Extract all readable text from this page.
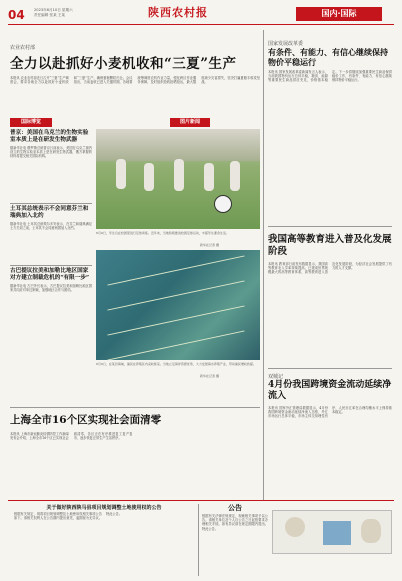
04	2023年6月10日 星期六
责任编辑 张某 王某	陕西农村报	国内·国际
农业农村部
全力以赴抓好小麦机收和“三夏”生产
本报讯 农业农村部近日召开“三夏”生产调度会，要求各地全力以赴抓好小麦机收和“三夏”生产，确保夏粮颗粒归仓。会议指出，当前麦收已进入关键时期，各地要统筹调度农机作业力量，强化跨区作业服务保障，及时组织抢收抢晒抢运，最大限度减少灾害损失，坚决打赢夏粮丰收攻坚战。
国际博览
普京：美国在乌克兰的生物实验室本质上是在研发生物武器
据新华社电 俄罗斯总统普京日前表示，美国在乌克兰境内设立的生物实验室本质上是在研发生物武器，俄方掌握的材料将提交相关国际机构。
土耳其总统表示不会同意芬兰和瑞典加入北约
据新华社电 土耳其总统埃尔多安表示，在芬兰和瑞典满足土方关切之前，土耳其不会同意两国加入北约。
古巴提议拉美和加勒比地区国家对方建立制裁危机的“有限一步”
据新华社电 古巴外长表示，古巴提议拉美和加勒比地区国家共同应对单边制裁，加强地区合作与团结。
图片新闻
6月9日，学生们在校园里进行足球训练。近年来，当地积极推进校园足球运动，丰富学生课余生活。
新华社记者 摄
6月9日，在某县海域，渔民在养殖区内采收紫菜。当地立足海洋资源优势，大力发展海水养殖产业，带动渔民增收致富。
新华社记者 摄
国家发展改革委
有条件、有能力、有信心继续保持物价平稳运行
本报讯 国家发展改革委新闻发言人表示，当前我国物价运行总体平稳，粮食、能源等重要民生商品供应充足，价格基本稳定。下一步将继续加强重要民生商品保供稳价工作，有条件、有能力、有信心继续保持物价平稳运行。
我国高等教育进入普及化发展阶段
本报讯 教育部日前发布数据显示，我国高等教育毛入学率持续提高，已建成世界规模最大的高等教育体系，高等教育进入普及化发展阶段，为经济社会发展提供了有力的人才支撑。
双城记
4月份我国跨境资金流动延续净流入
本报讯 国家外汇管理局数据显示，4月份我国跨境资金流动延续净流入态势，外汇市场运行总体平稳，市场主体交易理性有序，人民币汇率在合理均衡水平上保持基本稳定。
上海全市16个区实现社会面清零
本报讯 上海市新冠肺炎疫情防控工作新闻发布会介绍，上海全市16个区已实现社会面清零，各区正在有序推进复工复产复市，逐步恢复正常生产生活秩序。
关于做好陕西陕马县项目规划调整土地使用权的公告
根据有关规定，现将项目规划调整及土地使用权相关事项公告如下。请相关权利人在公告期内提出意见，逾期视为无异议。特此公告。
公告
根据有关法律法规规定，现就相关事项予以公告。请相关单位及个人自公告之日起按要求办理相关手续，如有异议请在规定期限内提出。特此公告。
